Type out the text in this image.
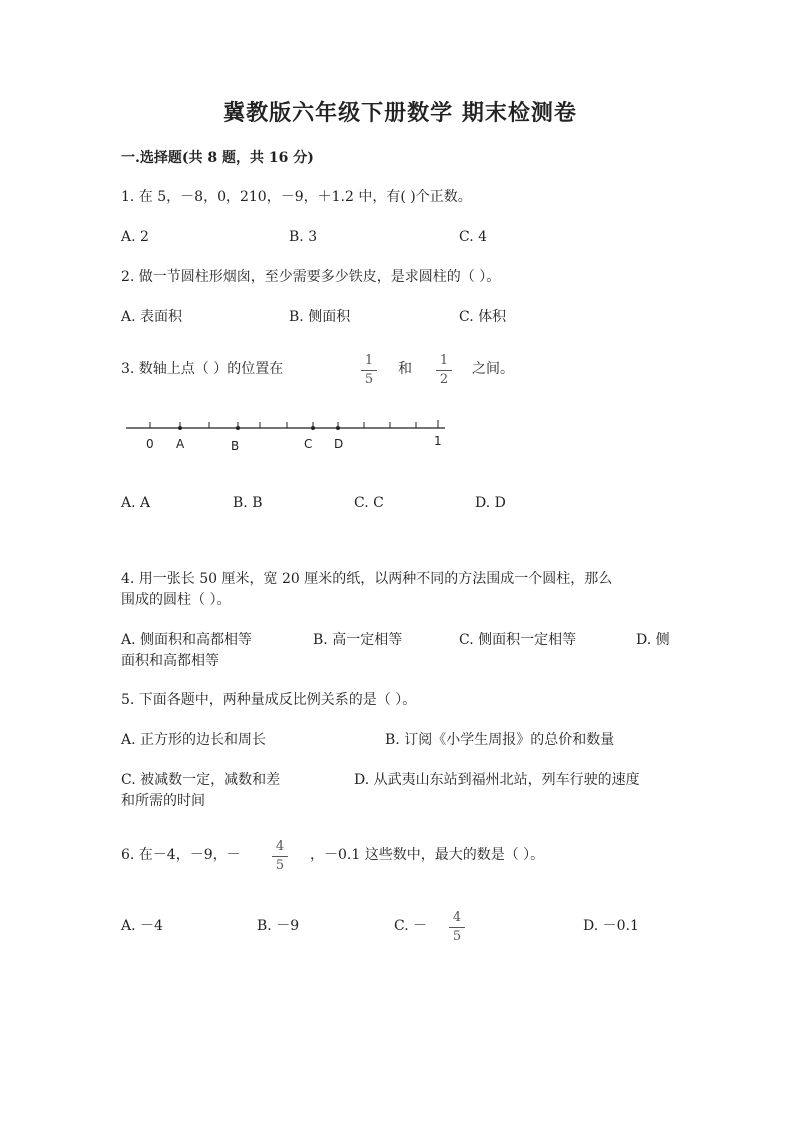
冀教版六年级下册数学 期末检测卷
一.选择题(共 8 题，共 16 分)
1. 在 5，－8，0，210，－9，＋1.2 中，有( )个正数。
A. 2	B. 3	C. 4
2. 做一节圆柱形烟囱，至少需要多少铁皮，是求圆柱的（ ）。
A. 表面积	B. 侧面积	C. 体积
3. 数轴上点（ ）的位置在
1
5
和
1
2
之间。
0 A	B	C D	1
A. A	B. B	C. C	D. D
4. 用一张长 50 厘米，宽 20 厘米的纸，以两种不同的方法围成一个圆柱，那么
围成的圆柱（ ）。
A. 侧面积和高都相等	B. 高一定相等	C. 侧面积一定相等	D. 侧
面积和高都相等
5. 下面各题中，两种量成反比例关系的是（ ）。
A. 正方形的边长和周长	B. 订阅《小学生周报》的总价和数量
C. 被减数一定，减数和差	D. 从武夷山东站到福州北站，列车行驶的速度
和所需的时间
6. 在－4，－9，－
4
5
，－0.1 这些数中，最大的数是（ ）。
A. －4	B. －9	C. －
4
5
D. －0.1
